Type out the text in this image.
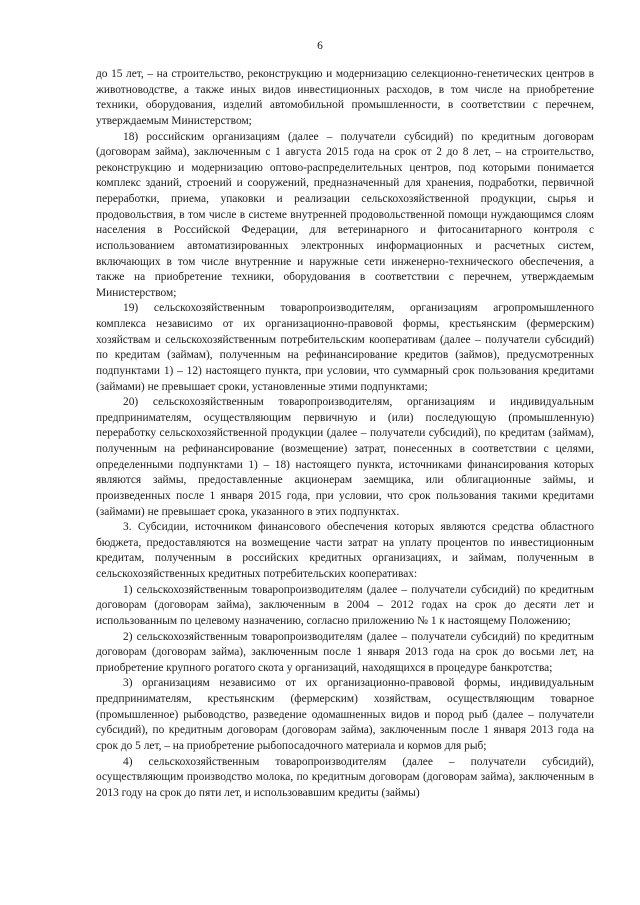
6

до 15 лет, – на строительство, реконструкцию и модернизацию селекционно-генетических центров в животноводстве, а также иных видов инвестиционных расходов, в том числе на приобретение техники, оборудования, изделий автомобильной промышленности, в соответствии с перечнем, утверждаемым Министерством;

18) российским организациям (далее – получатели субсидий) по кредитным договорам (договорам займа), заключенным с 1 августа 2015 года на срок от 2 до 8 лет, – на строительство, реконструкцию и модернизацию оптово-распределительных центров, под которыми понимается комплекс зданий, строений и сооружений, предназначенный для хранения, подработки, первичной переработки, приема, упаковки и реализации сельскохозяйственной продукции, сырья и продовольствия, в том числе в системе внутренней продовольственной помощи нуждающимся слоям населения в Российской Федерации, для ветеринарного и фитосанитарного контроля с использованием автоматизированных электронных информационных и расчетных систем, включающих в том числе внутренние и наружные сети инженерно-технического обеспечения, а также на приобретение техники, оборудования в соответствии с перечнем, утверждаемым Министерством;

19) сельскохозяйственным товаропроизводителям, организациям агропромышленного комплекса независимо от их организационно-правовой формы, крестьянским (фермерским) хозяйствам и сельскохозяйственным потребительским кооперативам (далее – получатели субсидий) по кредитам (займам), полученным на рефинансирование кредитов (займов), предусмотренных подпунктами 1) – 12) настоящего пункта, при условии, что суммарный срок пользования кредитами (займами) не превышает сроки, установленные этими подпунктами;

20) сельскохозяйственным товаропроизводителям, организациям и индивидуальным предпринимателям, осуществляющим первичную и (или) последующую (промышленную) переработку сельскохозяйственной продукции (далее – получатели субсидий), по кредитам (займам), полученным на рефинансирование (возмещение) затрат, понесенных в соответствии с целями, определенными подпунктами 1) – 18) настоящего пункта, источниками финансирования которых являются займы, предоставленные акционерам заемщика, или облигационные займы, и произведенных после 1 января 2015 года, при условии, что срок пользования такими кредитами (займами) не превышает срока, указанного в этих подпунктах.

3. Субсидии, источником финансового обеспечения которых являются средства областного бюджета, предоставляются на возмещение части затрат на уплату процентов по инвестиционным кредитам, полученным в российских кредитных организациях, и займам, полученным в сельскохозяйственных кредитных потребительских кооперативах:

1) сельскохозяйственным товаропроизводителям (далее – получатели субсидий) по кредитным договорам (договорам займа), заключенным в 2004 – 2012 годах на срок до десяти лет и использованным по целевому назначению, согласно приложению № 1 к настоящему Положению;

2) сельскохозяйственным товаропроизводителям (далее – получатели субсидий) по кредитным договорам (договорам займа), заключенным после 1 января 2013 года на срок до восьми лет, на приобретение крупного рогатого скота у организаций, находящихся в процедуре банкротства;

3) организациям независимо от их организационно-правовой формы, индивидуальным предпринимателям, крестьянским (фермерским) хозяйствам, осуществляющим товарное (промышленное) рыбоводство, разведение одомашненных видов и пород рыб (далее – получатели субсидий), по кредитным договорам (договорам займа), заключенным после 1 января 2013 года на срок до 5 лет, – на приобретение рыбопосадочного материала и кормов для рыб;

4) сельскохозяйственным товаропроизводителям (далее – получатели субсидий), осуществляющим производство молока, по кредитным договорам (договорам займа), заключенным в 2013 году на срок до пяти лет, и использовавшим кредиты (займы)
